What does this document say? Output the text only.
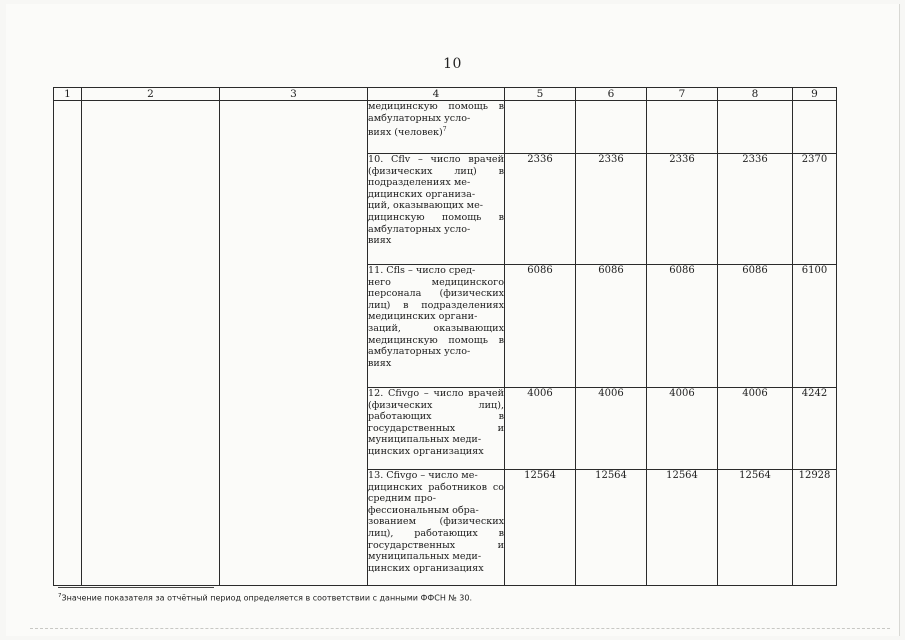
10
1	2	3	4	5	6	7	8	9
			медицинскую помощь в амбулаторных усло-
виях (человек)$^7$					
			10. Cflv – число врачей (физических лиц) в подразделениях ме-
дицинских организа-
ций, оказывающих ме-
дицинскую помощь в амбулаторных усло-
виях	2336	2336	2336	2336	2370
			11. Cfls – число сред-
него медицинского персонала (физических лиц) в подразделениях медицинских органи-
заций, оказывающих медицинскую помощь в амбулаторных усло-
виях	6086	6086	6086	6086	6100
			12. Cfivgo – число врачей (физических лиц), работающих в государственных и муниципальных меди-
цинских организациях	4006	4006	4006	4006	4242
			13. Cfivgo – число ме-
дицинских работников со средним про-
фессиональным обра-
зованием (физических лиц), работающих в государственных и муниципальных меди-
цинских организациях	12564	12564	12564	12564	12928
$^7$Значение показателя за отчётный период определяется в соответствии с данными ФФСН № 30.
